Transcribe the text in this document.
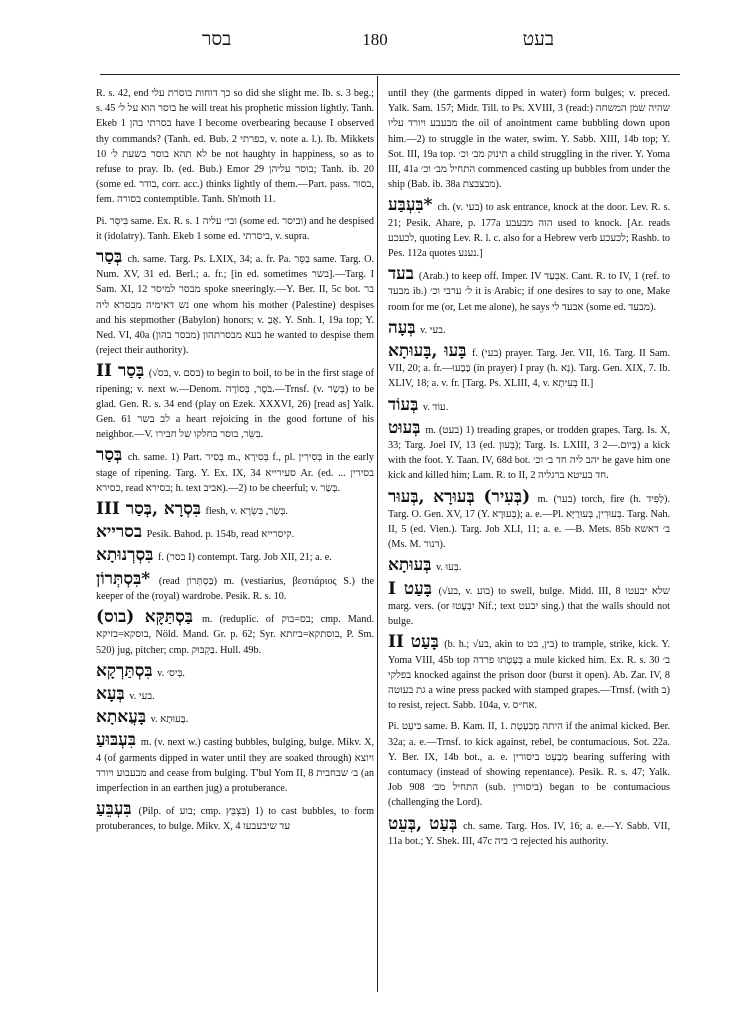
בסר	180	בעט

R. s. 42, end כך דוחות בוסרת עלי so did she slight me. Ib. s. 3 beg.; s. 45 בוסר הוא על ל׳ he will treat his prophetic mission lightly. Tanh. Ekeb 1 בסרתי בהן have I become overbearing because I observed thy commands? (Tanh. ed. Bub. 2 כפרתי, v. note a. l.). Ib. Mikkets 10 לא תהא בוסר בשעת ל׳ be not haughty in happiness, so as to refuse to pray. Ib. (ed. Bub.) Emor 29 בוסר עליהן; Tanh. ib. 20 (some ed. בודר, corr. acc.) thinks lightly of them.—Part. pass. בסור, fem. בסורה contemptible. Tanh. Sh'moth 11.

Pi. בִּיסֵּר same. Ex. R. s. 1 ובי׳ עליה (some ed. וביסר) and he despised it (idolatry). Tanh. Ekeb 1 some ed. ביסרתי, v. supra.

בְּסַר ch. same. Targ. Ps. LXIX, 34; a. fr. Pa. בַּסֵּר same. Targ. O. Num. XV, 31 ed. Berl.; a. fr.; [in ed. sometimes בשר].—Targ. I Sam. XI, 12 מבסר למיסר spoke sneeringly.—Y. Ber. II, 5c bot. בר נש דאימיה מבסרא ליה one whom his mother (Palestine) despises and his stepmother (Babylon) honors; v. אֲבָ. Y. Snh. I, 19a top; Y. Ned. VI, 40a בעא מבסרתהון (מבסר בהון) he wanted to despise them (reject their authority).

בָּסַר II (√בס, v. בסם) to begin to boil, to be in the first stage of ripening; v. next w.—Denom. בֹּסֶר, בְּסוֹרָה.—Trnsf. (v. בְּשַׂר) to be glad. Gen. R. s. 34 end (play on Ezek. XXXVI, 26) [read as] Yalk. Gen. 61 לב בשר a heart rejoicing in the good fortune of his neighbor.—V. בִּשֵּׂר, בוסר בחלקו של חבירו.

בְּסַר ch. same. 1) Part. בָּסִיר m., בְּסִירָא f., pl. בְּסִירִין in the early stage of ripening. Targ. Y. Ex. IX, 34 סעירייא Ar. (ed. בסירין ... כסירא, read בסירא; h. text אביב).—2) to be cheerful; v. בְּשַׂר.

בִּסְרָא ,בְּסַר III flesh, v. בְּשַׂר, בִּשְׂרָא.

בסרייא Pesik. Bahod. p. 154b, read קיסרייא.

בִּסְרְנוּתָא f. (בסר I) contempt. Targ. Job XII, 21; a. e.

*בִּסְתְּרוֹן (read בַּסְתְּרוֹן) m. (vestiarius, βεστιάριος S.) the keeper of the (royal) wardrobe. Pesik. R. s. 10.

בַּסְתַּקָּא (בוס) m. (reduplic. of בס=בוק; cmp. Mand. בוסקא=בזיקא, Nöld. Mand. Gr. p. 62; Syr. בוסתקא=ביזתא, P. Sm. 520) jug, pitcher; cmp. בַּקְבּוּק. Hull. 49b.

בִּסְתַּרְקָא v. בְּיס׳.

בְּעָא v. בעי.

בָּעֲאתָא v. בָּעוּתָא.

בִּעְבּוּעַ m. (v. next w.) casting bubbles, bulging, bulge. Mikv. X, 4 (of garments dipped in water until they are soaked through) ויוצא מבעבוע ויורד and cease from bulging. T'bul Yom II, 8 ב׳ שבחבית (an imperfection in an earthen jug) a protuberance.

בִּעְבֵּעַ (Pilp. of בוע; cmp. בִּצְבֵּץ) 1) to cast bubbles, to form protuberances, to bulge. Mikv. X, 4 עד שיבעבעו

until they (the garments dipped in water) form bulges; v. preced. Yalk. Sam. 157; Midr. Till. to Ps. XVIII, 3 (read:) שהיה שמן המשחה מבעבע ויורד עליו the oil of anointment came bubbling down upon him.—2) to struggle in the water, swim. Y. Sabb. XIII, 14b top; Y. Sot. III, 19a top. תינוק מב׳ וכ׳ a child struggling in the river. Y. Yoma III, 41a התחיל מב׳ וכ׳ commenced casting up bubbles from under the ship (Bab. ib. 38a מבצבצת).

*בִּעְבַּע ch. (v. בעי) to ask entrance, knock at the door. Lev. R. s. 21; Pesik. Ahare, p. 177a הוה מבעבע used to knock. [Ar. reads לכעכע, quoting Lev. R. l. c. also for a Hebrew verb לכעכע; Rashb. to Pes. 112a quotes נענע.]

בעד (Arab.) to keep off. Imper. IV אַבְעַד. Cant. R. to IV, 1 (ref. to מבעד ib.) ל׳ ערבי וכ׳ it is Arabic; if one desires to say to one, Make room for me (or, Let me alone), he says אבעד לי (some ed. מבעד).

בְּעָה v. בעי.

בָּעוּ ,בָּעוּתָא f. (בעי) prayer. Targ. Jer. VII, 16. Targ. II Sam. VII, 20; a. fr.—בָּבָעוּ (in prayer) I pray (h. נָא). Targ. Gen. XIX, 7. Ib. XLIV, 18; a. v. fr. [Targ. Ps. XLIII, 4, v. בְּעִיתָא II.]

בְּעוֹד v. עוֹד.

בְּעוּט m. (בעט) 1) treading grapes, or trodden grapes. Targ. Is. X, 33; Targ. Joel IV, 13 (ed. בְּעוּן); Targ. Is. LXIII, 3 בְּיוּם.—2) a kick with the foot. Y. Taan. IV, 68d bot. יהב ליה חד ב׳ וכ׳ he gave him one kick and killed him; Lam. R. to II, 2 חד בעיטא ברגליה.

(בְּעִיר) בְּעוּרָא ,בְּעוּר m. (בער) torch, fire (h. לַפִּיד). Targ. O. Gen. XV, 17 (Y. בְּעוּרָא); a. e.—Pl. בְּעוּרִין, בְּעוּרַיָּא. Targ. Nah. II, 5 (ed. Vien.). Targ. Job XLI, 11; a. e. —B. Mets. 85b ב׳ דאשא (Ms. M. דנור).

בְּעוּתָא v. בְּעוּ.

בָּעַט I (√בע, v. בוע) to swell, bulge. Midd. III, 8 שלא יבעטו marg. vers. (or יִבָּעֲטוּ Nif.; text יבעט sing.) that the walls should not bulge.

בָּעַט II (b. h.; √בע, akin to בין, בט) to trample, strike, kick. Y. Yoma VIII, 45b top בְּעָטָתוּ פרדה a mule kicked him. Ex. R. s. 30 ב׳ בפלקי knocked against the prison door (burst it open). Ab. Zar. IV, 8 גת בעוטה a wine press packed with stamped grapes.—Trnsf. (with ב) to resist, reject. Sabb. 104a, v. אח״ס.

Pi. בִּיעֵט same. B. Kam. II, 1. היתה מְבַעֶטֶת if the animal kicked. Ber. 32a; a. e.—Trnsf. to kick against, rebel, be contumacious. Sot. 22a. Y. Ber. IX, 14b bot., a. e. מְבַעֵט ביסורין bearing suffering with contumacy (instead of showing repentance). Pesik. R. s. 47; Yalk. Job 908 התחיל מב׳ (sub. ביסורין) began to be contumacious (challenging the Lord).

בְּעַט ,בְּעֵט ch. same. Targ. Hos. IV, 16; a. e.—Y. Sabb. VII, 11a bot.; Y. Shek. III, 47c ב׳ ביה rejected his authority.
